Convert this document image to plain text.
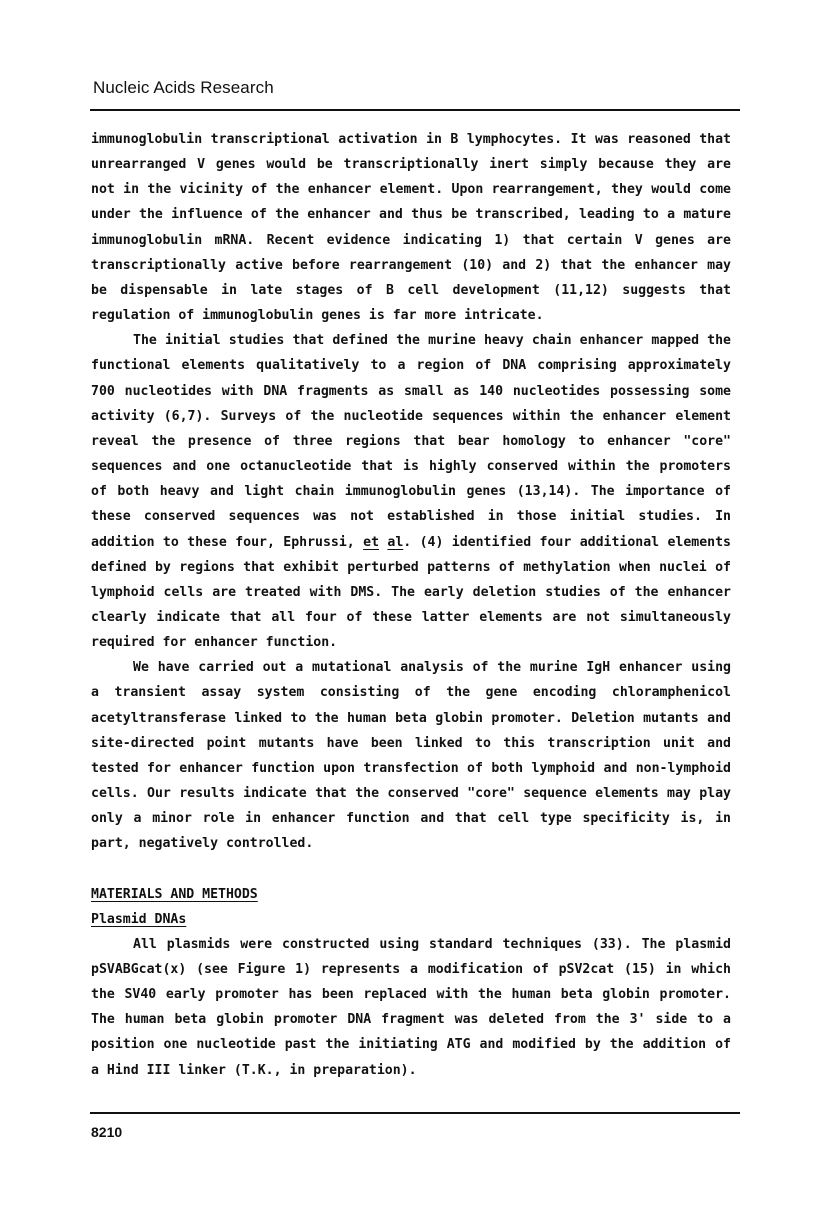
Nucleic Acids Research

immunoglobulin transcriptional activation in B lymphocytes. It was reasoned that unrearranged V genes would be transcriptionally inert simply because they are not in the vicinity of the enhancer element. Upon rearrangement, they would come under the influence of the enhancer and thus be transcribed, leading to a mature immunoglobulin mRNA. Recent evidence indicating 1) that certain V genes are transcriptionally active before rearrangement (10) and 2) that the enhancer may be dispensable in late stages of B cell development (11,12) suggests that regulation of immunoglobulin genes is far more intricate.

The initial studies that defined the murine heavy chain enhancer mapped the functional elements qualitatively to a region of DNA comprising approximately 700 nucleotides with DNA fragments as small as 140 nucleotides possessing some activity (6,7). Surveys of the nucleotide sequences within the enhancer element reveal the presence of three regions that bear homology to enhancer "core" sequences and one octanucleotide that is highly conserved within the promoters of both heavy and light chain immunoglobulin genes (13,14). The importance of these conserved sequences was not established in those initial studies. In addition to these four, Ephrussi, et al. (4) identified four additional elements defined by regions that exhibit perturbed patterns of methylation when nuclei of lymphoid cells are treated with DMS. The early deletion studies of the enhancer clearly indicate that all four of these latter elements are not simultaneously required for enhancer function.

We have carried out a mutational analysis of the murine IgH enhancer using a transient assay system consisting of the gene encoding chloramphenicol acetyltransferase linked to the human beta globin promoter. Deletion mutants and site-directed point mutants have been linked to this transcription unit and tested for enhancer function upon transfection of both lymphoid and non-lymphoid cells. Our results indicate that the conserved "core" sequence elements may play only a minor role in enhancer function and that cell type specificity is, in part, negatively controlled.

MATERIALS AND METHODS

Plasmid DNAs

All plasmids were constructed using standard techniques (33). The plasmid pSVABGcat(x) (see Figure 1) represents a modification of pSV2cat (15) in which the SV40 early promoter has been replaced with the human beta globin promoter. The human beta globin promoter DNA fragment was deleted from the 3' side to a position one nucleotide past the initiating ATG and modified by the addition of a Hind III linker (T.K., in preparation).

8210
